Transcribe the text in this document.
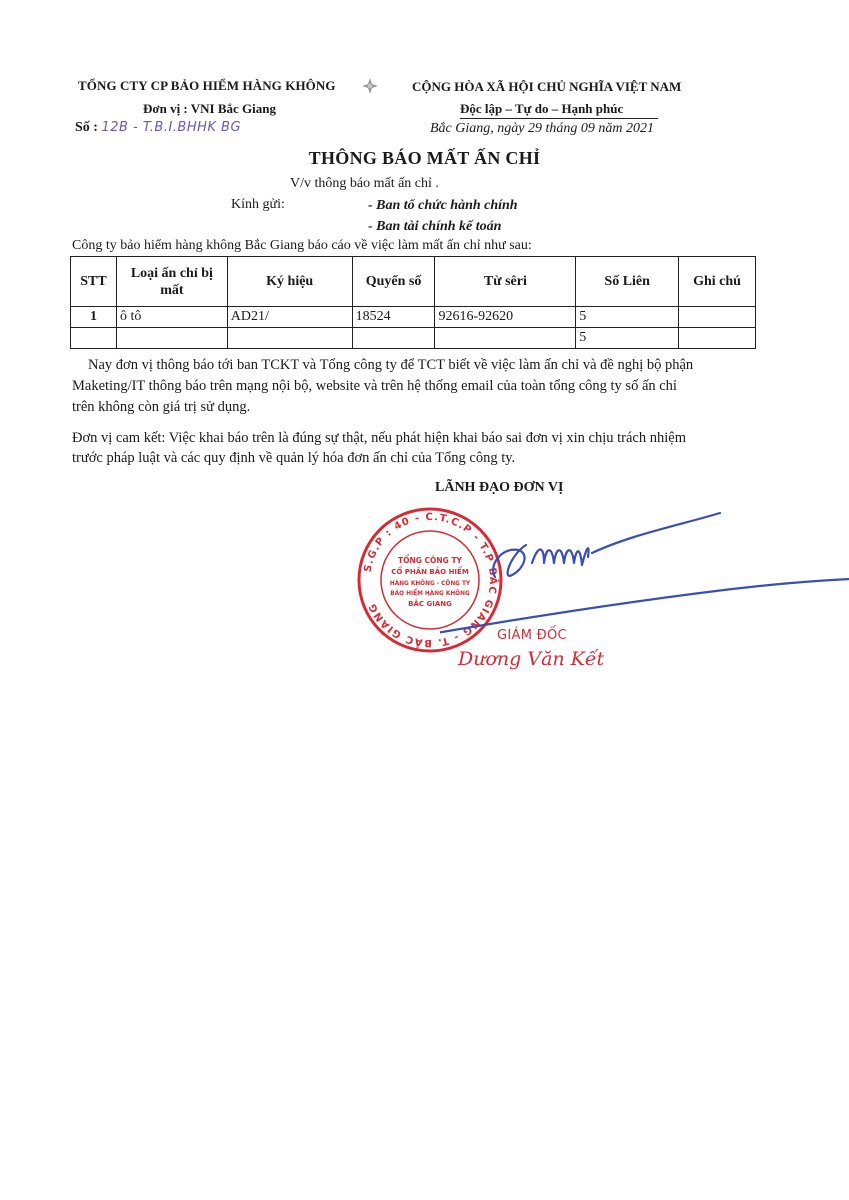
TỔNG CTY CP BẢO HIỂM HÀNG KHÔNG
Đơn vị : VNI Bắc Giang
Số : 12B - T.B.I.BHHK BG
CỘNG HÒA XÃ HỘI CHỦ NGHĨA VIỆT NAM
Độc lập – Tự do – Hạnh phúc
Bắc Giang, ngày 29 tháng 09 năm 2021
THÔNG BÁO MẤT ẤN CHỈ
V/v thông báo mất ấn chỉ .
Kính gửi:	- Ban tổ chức hành chính
- Ban tài chính kế toán
Công ty bảo hiểm hàng không Bắc Giang báo cáo về việc làm mất ấn chỉ như sau:
STT	Loại ấn chỉ bị mất	Ký hiệu	Quyển số	Từ sêri	Số Liên	Ghi chú
1	ô tô	AD21/	18524	92616-92620	5	
					5	
Nay đơn vị thông báo tới ban TCKT và Tổng công ty để TCT biết về việc làm ấn chỉ và đề nghị bộ phận
Maketing/IT thông báo trên mạng nội bộ, website và trên hệ thống email của toàn tổng công ty số ấn chỉ
trên không còn giá trị sử dụng.
Đơn vị cam kết: Việc khai báo trên là đúng sự thật, nếu phát hiện khai báo sai đơn vị xin chịu trách nhiệm
trước pháp luật và các quy định về quản lý hóa đơn ấn chỉ của Tổng công ty.
LÃNH ĐẠO ĐƠN VỊ
S.G.P : 40 - C.T.C.P - T.P BẮC GIANG - T. BẮC GIANG
TỔNG CÔNG TY
CỔ PHẦN BẢO HIỂM
HÀNG KHÔNG - CÔNG TY
BẢO HIỂM HÀNG KHÔNG
BẮC GIANG
GIÁM ĐỐC
Dương Văn Kết
